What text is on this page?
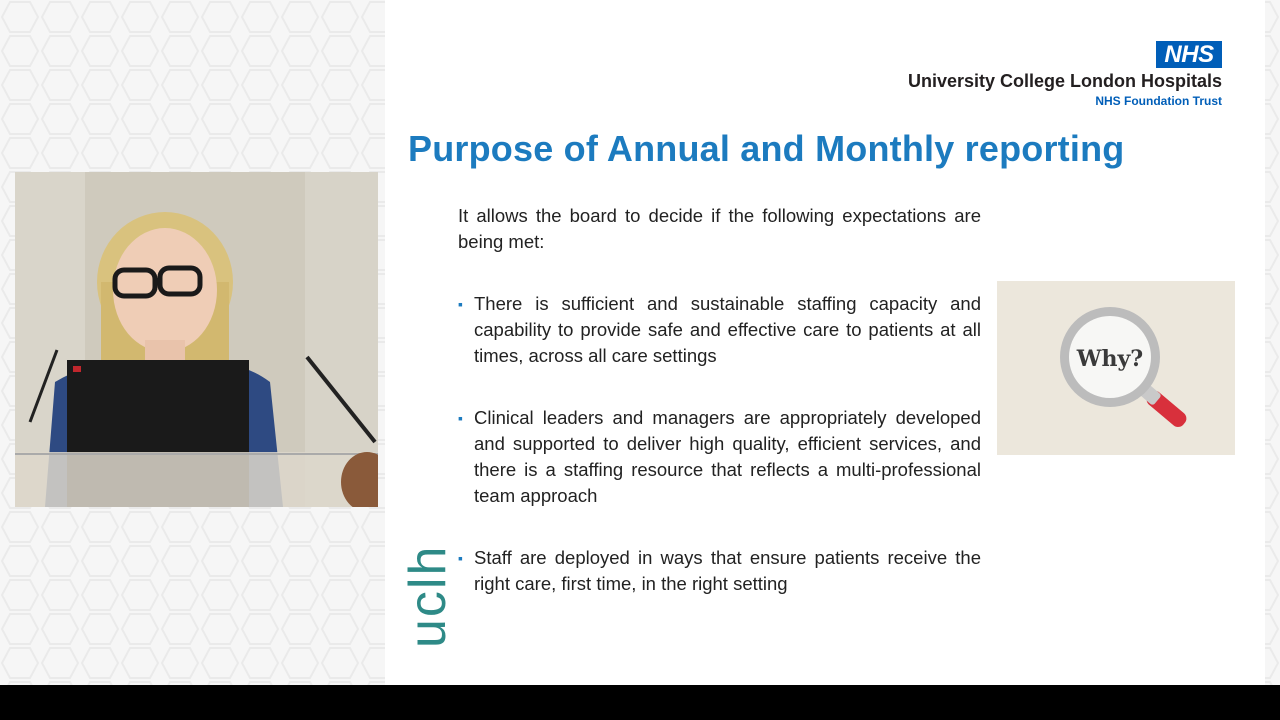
NHS
University College London Hospitals
NHS Foundation Trust
Purpose of Annual and Monthly reporting
It allows the board to decide if the following expectations are being met:
▪ There is sufficient and sustainable staffing capacity and capability to provide safe and effective care to patients at all times, across all care settings
▪ Clinical leaders and managers are appropriately developed and supported to deliver high quality, efficient services, and there is a staffing resource that reflects a multi-professional team approach
▪ Staff are deployed in ways that ensure patients receive the right care, first time, in the right setting
uclh
Why?
